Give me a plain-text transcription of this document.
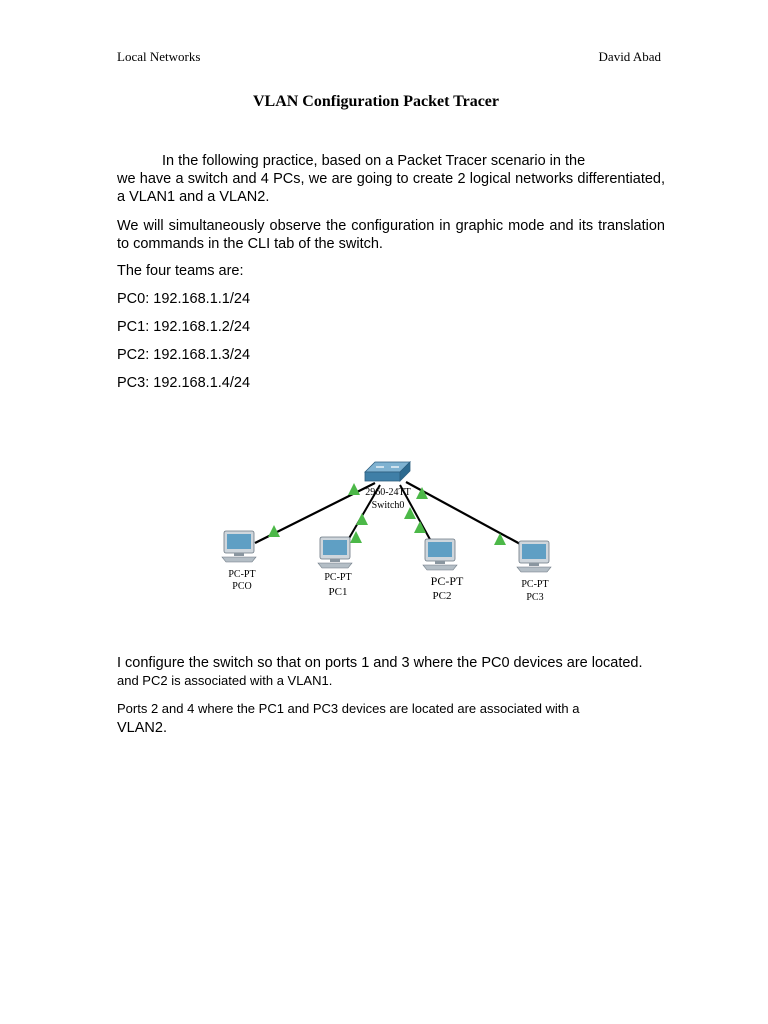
Local Networks	David Abad
VLAN Configuration Packet Tracer

In the following practice, based on a Packet Tracer scenario in the

we have a switch and 4 PCs, we are going to create 2 logical networks differentiated, a VLAN1 and a VLAN2.

We will simultaneously observe the configuration in graphic mode and its translation to commands in the CLI tab of the switch.

The four teams are:

PC0: 192.168.1.1/24

PC1: 192.168.1.2/24

PC2: 192.168.1.3/24

PC3: 192.168.1.4/24

2960-24TT
Switch0
PC-PT
PCO
PC-PT
PC1
PC-PT
PC2
PC-PT
PC3

I configure the switch so that on ports 1 and 3 where the PC0 devices are located.

and PC2 is associated with a VLAN1.

Ports 2 and 4 where the PC1 and PC3 devices are located are associated with a

VLAN2.
